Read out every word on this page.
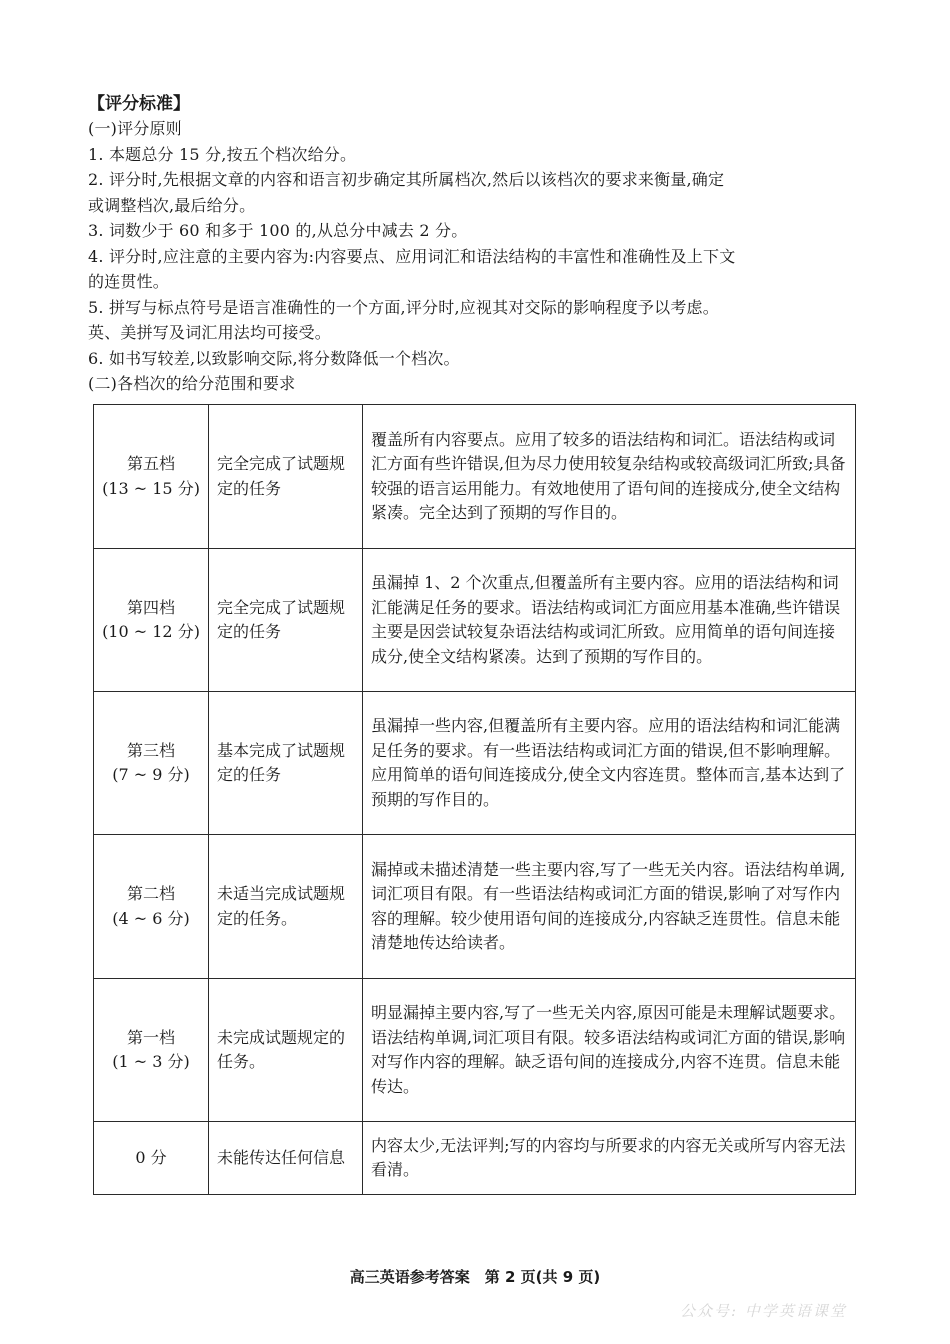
【评分标准】
(一)评分原则
1. 本题总分 15 分,按五个档次给分。
2. 评分时,先根据文章的内容和语言初步确定其所属档次,然后以该档次的要求来衡量,确定
或调整档次,最后给分。
3. 词数少于 60 和多于 100 的,从总分中减去 2 分。
4. 评分时,应注意的主要内容为:内容要点、应用词汇和语法结构的丰富性和准确性及上下文
的连贯性。
5. 拼写与标点符号是语言准确性的一个方面,评分时,应视其对交际的影响程度予以考虑。
英、美拼写及词汇用法均可接受。
6. 如书写较差,以致影响交际,将分数降低一个档次。
(二)各档次的给分范围和要求
第五档
(13 ~ 15 分)	完全完成了试题规定的任务	覆盖所有内容要点。应用了较多的语法结构和词汇。语法结构或词汇方面有些许错误,但为尽力使用较复杂结构或较高级词汇所致;具备较强的语言运用能力。有效地使用了语句间的连接成分,使全文结构紧凑。完全达到了预期的写作目的。

第四档
(10 ~ 12 分)	完全完成了试题规定的任务	虽漏掉 1、2 个次重点,但覆盖所有主要内容。应用的语法结构和词汇能满足任务的要求。语法结构或词汇方面应用基本准确,些许错误主要是因尝试较复杂语法结构或词汇所致。应用简单的语句间连接成分,使全文结构紧凑。达到了预期的写作目的。

第三档
(7 ~ 9 分)	基本完成了试题规定的任务	虽漏掉一些内容,但覆盖所有主要内容。应用的语法结构和词汇能满足任务的要求。有一些语法结构或词汇方面的错误,但不影响理解。应用简单的语句间连接成分,使全文内容连贯。整体而言,基本达到了预期的写作目的。

第二档
(4 ~ 6 分)	未适当完成试题规定的任务。	漏掉或未描述清楚一些主要内容,写了一些无关内容。语法结构单调,词汇项目有限。有一些语法结构或词汇方面的错误,影响了对写作内容的理解。较少使用语句间的连接成分,内容缺乏连贯性。信息未能清楚地传达给读者。

第一档
(1 ~ 3 分)	未完成试题规定的任务。	明显漏掉主要内容,写了一些无关内容,原因可能是未理解试题要求。语法结构单调,词汇项目有限。较多语法结构或词汇方面的错误,影响对写作内容的理解。缺乏语句间的连接成分,内容不连贯。信息未能传达。

0 分	未能传达任何信息	内容太少,无法评判;写的内容均与所要求的内容无关或所写内容无法看清。
高三英语参考答案　第 2 页(共 9 页)
公众号: 中学英语课堂
